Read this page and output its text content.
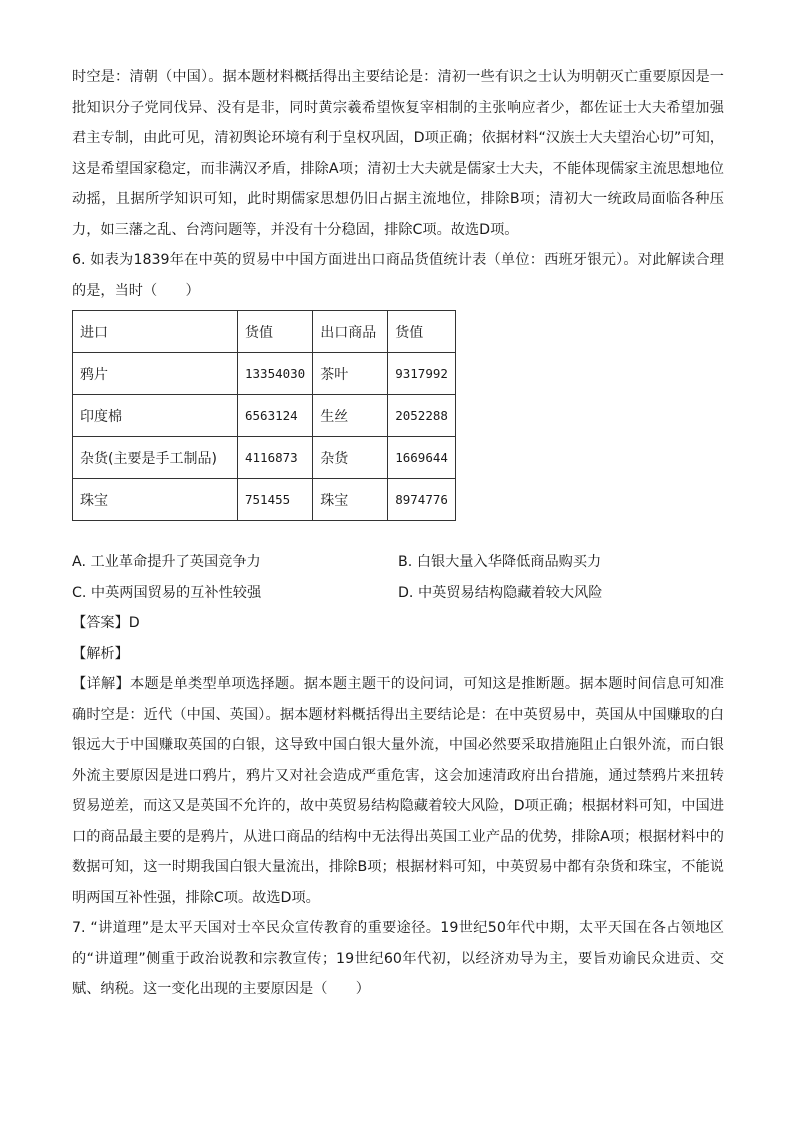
时空是：清朝（中国）。据本题材料概括得出主要结论是：清初一些有识之士认为明朝灭亡重要原因是一批知识分子党同伐异、没有是非，同时黄宗羲希望恢复宰相制的主张响应者少，都佐证士大夫希望加强君主专制，由此可见，清初舆论环境有利于皇权巩固，D项正确；依据材料“汉族士大夫望治心切”可知，这是希望国家稳定，而非满汉矛盾，排除A项；清初士大夫就是儒家士大夫，不能体现儒家主流思想地位动摇，且据所学知识可知，此时期儒家思想仍旧占据主流地位，排除B项；清初大一统政局面临各种压力，如三藩之乱、台湾问题等，并没有十分稳固，排除C项。故选D项。

6. 如表为1839年在中英的贸易中中国方面进出口商品货值统计表（单位：西班牙银元）。对此解读合理的是，当时（　　）

进口	货值	出口商品	货值
鸦片	13354030	茶叶	9317992
印度棉	6563124	生丝	2052288
杂货(主要是手工制品)	4116873	杂货	1669644
珠宝	751455	珠宝	8974776
A. 工业革命提升了英国竞争力	B. 白银大量入华降低商品购买力
C. 中英两国贸易的互补性较强	D. 中英贸易结构隐藏着较大风险

【答案】D

【解析】

【详解】本题是单类型单项选择题。据本题主题干的设问词，可知这是推断题。据本题时间信息可知准确时空是：近代（中国、英国）。据本题材料概括得出主要结论是：在中英贸易中，英国从中国赚取的白银远大于中国赚取英国的白银，这导致中国白银大量外流，中国必然要采取措施阻止白银外流，而白银外流主要原因是进口鸦片，鸦片又对社会造成严重危害，这会加速清政府出台措施，通过禁鸦片来扭转贸易逆差，而这又是英国不允许的，故中英贸易结构隐藏着较大风险，D项正确；根据材料可知，中国进口的商品最主要的是鸦片，从进口商品的结构中无法得出英国工业产品的优势，排除A项；根据材料中的数据可知，这一时期我国白银大量流出，排除B项；根据材料可知，中英贸易中都有杂货和珠宝，不能说明两国互补性强，排除C项。故选D项。

7. “讲道理”是太平天国对士卒民众宣传教育的重要途径。19世纪50年代中期，太平天国在各占领地区的“讲道理”侧重于政治说教和宗教宣传；19世纪60年代初，以经济劝导为主，要旨劝谕民众进贡、交赋、纳税。这一变化出现的主要原因是（　　）
